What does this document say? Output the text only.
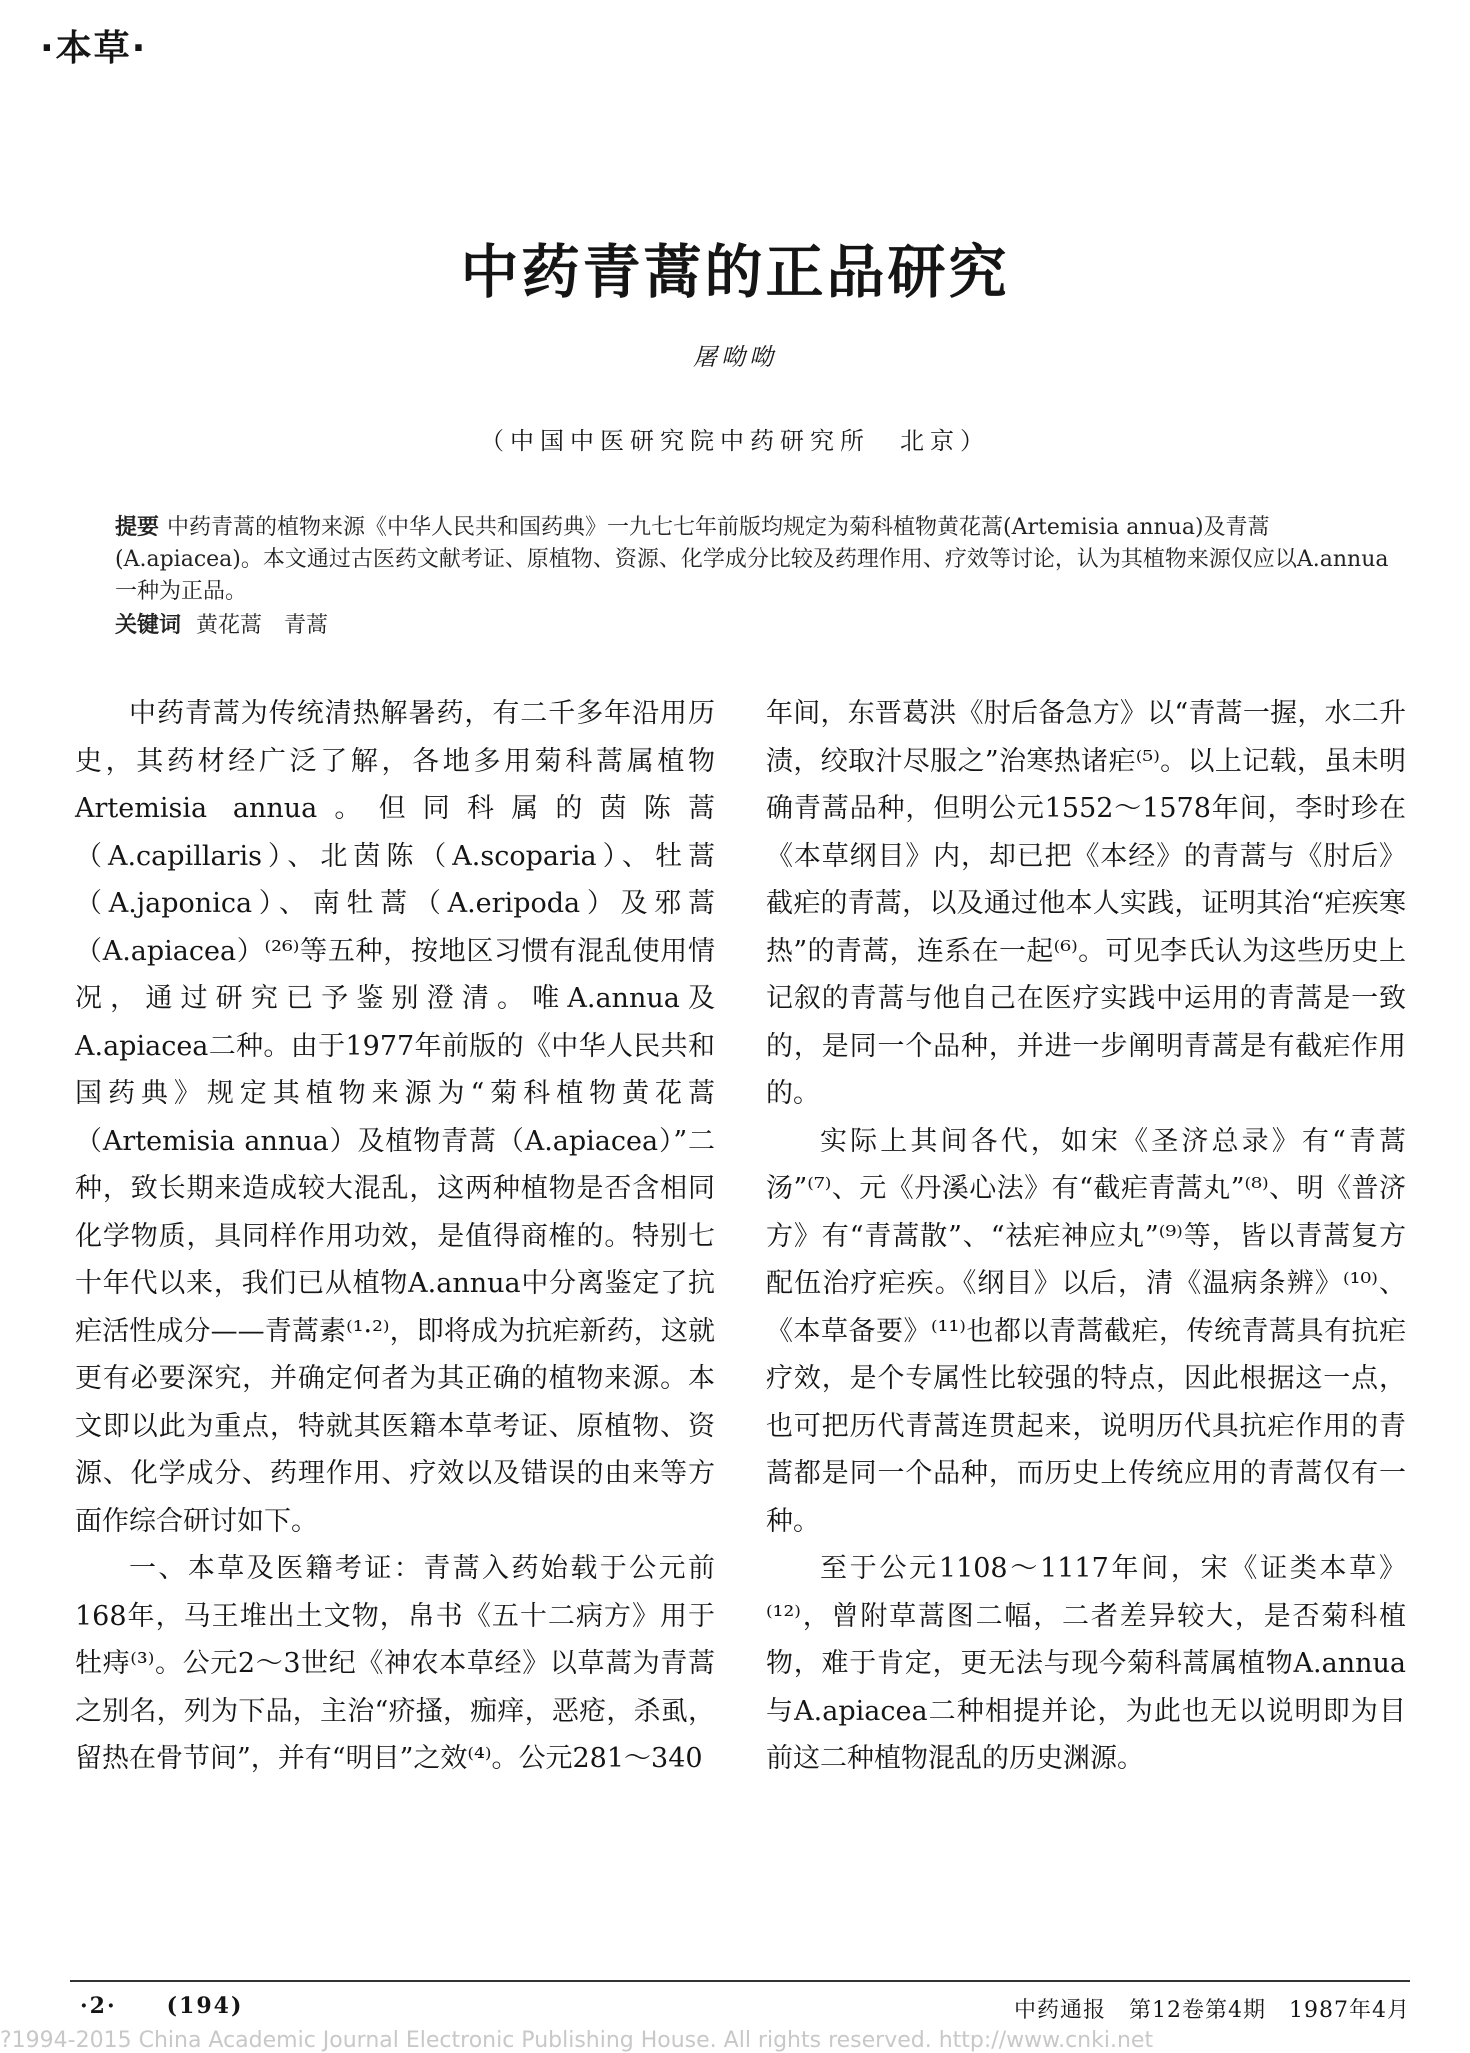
·本草·
中药青蒿的正品研究
屠呦呦
（中国中医研究院中药研究所　北京）
提要 中药青蒿的植物来源《中华人民共和国药典》一九七七年前版均规定为菊科植物黄花蒿(Artemisia annua)及青蒿(A.apiacea)。本文通过古医药文献考证、原植物、资源、化学成分比较及药理作用、疗效等讨论，认为其植物来源仅应以A.annua一种为正品。
关键词 黄花蒿　青蒿

中药青蒿为传统清热解暑药，有二千多年沿用历史，其药材经广泛了解，各地多用菊科蒿属植物Artemisia annua。但同科属的茵陈蒿（A.capillaris）、北茵陈（A.scoparia）、牡蒿（A.japonica）、南牡蒿（A.eripoda）及邪蒿（A.apiacea）⁽²⁶⁾等五种，按地区习惯有混乱使用情况，通过研究已予鉴别澄清。唯A.annua及A.apiacea二种。由于1977年前版的《中华人民共和国药典》规定其植物来源为“菊科植物黄花蒿（Artemisia annua）及植物青蒿（A.apiacea）”二种，致长期来造成较大混乱，这两种植物是否含相同化学物质，具同样作用功效，是值得商榷的。特别七十年代以来，我们已从植物A.annua中分离鉴定了抗疟活性成分——青蒿素⁽¹·²⁾，即将成为抗疟新药，这就更有必要深究，并确定何者为其正确的植物来源。本文即以此为重点，特就其医籍本草考证、原植物、资源、化学成分、药理作用、疗效以及错误的由来等方面作综合研讨如下。

一、本草及医籍考证：青蒿入药始载于公元前168年，马王堆出土文物，帛书《五十二病方》用于牡痔⁽³⁾。公元2～3世纪《神农本草经》以草蒿为青蒿之别名，列为下品，主治“疥搔，痂痒，恶疮，杀虱，留热在骨节间”，并有“明目”之效⁽⁴⁾。公元281～340

年间，东晋葛洪《肘后备急方》以“青蒿一握，水二升渍，绞取汁尽服之”治寒热诸疟⁽⁵⁾。以上记载，虽未明确青蒿品种，但明公元1552～1578年间，李时珍在《本草纲目》内，却已把《本经》的青蒿与《肘后》截疟的青蒿，以及通过他本人实践，证明其治“疟疾寒热”的青蒿，连系在一起⁽⁶⁾。可见李氏认为这些历史上记叙的青蒿与他自己在医疗实践中运用的青蒿是一致的，是同一个品种，并进一步阐明青蒿是有截疟作用的。

实际上其间各代，如宋《圣济总录》有“青蒿汤”⁽⁷⁾、元《丹溪心法》有“截疟青蒿丸”⁽⁸⁾、明《普济方》有“青蒿散”、“祛疟神应丸”⁽⁹⁾等，皆以青蒿复方配伍治疗疟疾。《纲目》以后，清《温病条辨》⁽¹⁰⁾、《本草备要》⁽¹¹⁾也都以青蒿截疟，传统青蒿具有抗疟疗效，是个专属性比较强的特点，因此根据这一点，也可把历代青蒿连贯起来，说明历代具抗疟作用的青蒿都是同一个品种，而历史上传统应用的青蒿仅有一种。

至于公元1108～1117年间，宋《证类本草》⁽¹²⁾，曾附草蒿图二幅，二者差异较大，是否菊科植物，难于肯定，更无法与现今菊科蒿属植物A.annua与A.apiacea二种相提并论，为此也无以说明即为目前这二种植物混乱的历史渊源。

·2· (194)	中药通报　第12卷第4期　1987年4月
?1994-2015 China Academic Journal Electronic Publishing House. All rights reserved. http://www.cnki.net
